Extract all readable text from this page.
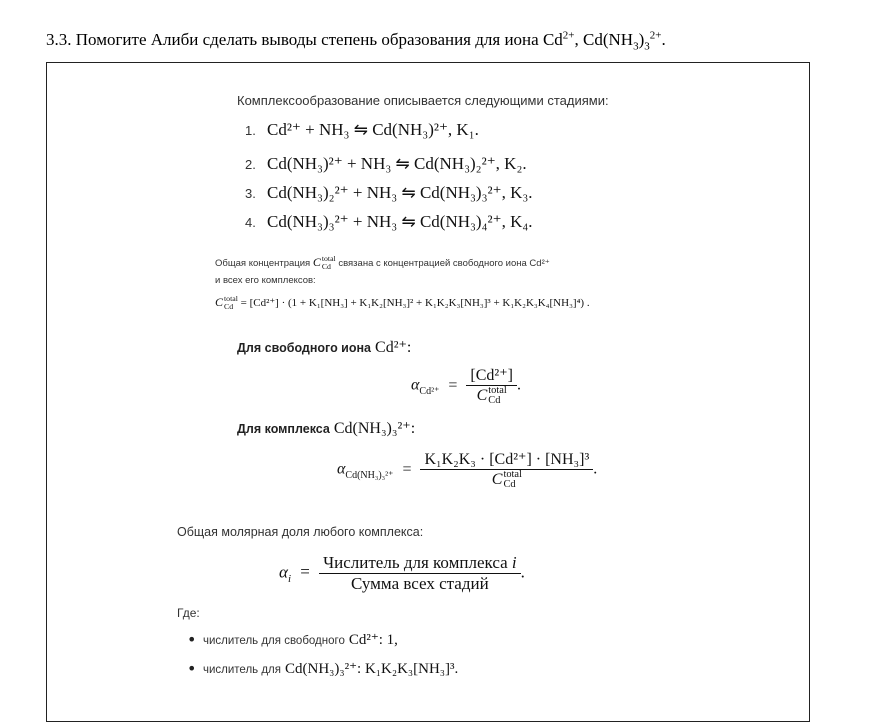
3.3. Помогите Алиби сделать выводы степень образования для иона $Cd^{2+}$, $Cd(NH_3)_3^{2+}$.
Комплексообразование описывается следующими стадиями:
1. Cd²⁺ + NH₃ ⇋ Cd(NH₃)²⁺, K₁.
2. Cd(NH₃)²⁺ + NH₃ ⇋ Cd(NH₃)₂²⁺, K₂.
3. Cd(NH₃)₂²⁺ + NH₃ ⇋ Cd(NH₃)₃²⁺, K₃.
4. Cd(NH₃)₃²⁺ + NH₃ ⇋ Cd(NH₃)₄²⁺, K₄.
Общая концентрация C total
Cd связана с концентрацией свободного иона Cd²⁺
и всех его комплексов:
C total
Cd = [Cd²⁺] · (1 + K₁[NH₃] + K₁K₂[NH₃]² + K₁K₂K₃[NH₃]³ + K₁K₂K₃K₄[NH₃]⁴) .
Для свободного иона Cd²⁺:
$\alpha_{Cd^{2+}} = [Cd^{2+}]$
C total
Cd .
Для комплекса Cd(NH₃)₃²⁺:
$\alpha_{Cd(NH_3)_3^{2+}} = K_1K_2K_3 \cdot [Cd^{2+}] \cdot [NH_3]^3$
C total
Cd .
Общая молярная доля любого комплекса:
$\alpha_i = \frac{\text{Числитель для комплекса i}}{\text{Сумма всех стадий}}$ .
Где:
• числитель для свободного Cd²⁺: 1,
• числитель для Cd(NH₃)₃²⁺: K₁K₂K₃[NH₃]³.
